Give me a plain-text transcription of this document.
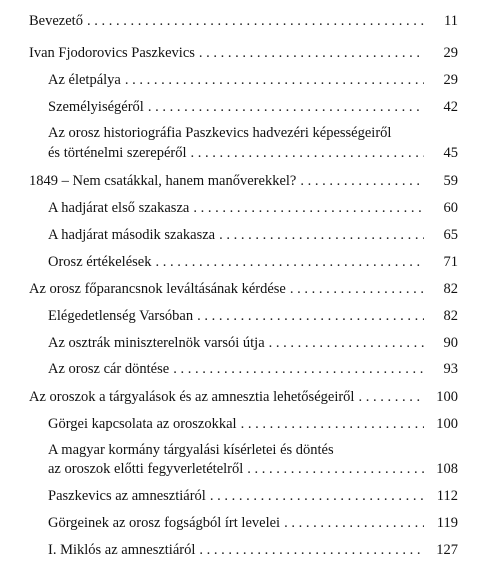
Bevezető . . .	11
Ivan Fjodorovics Paszkevics . . .	29
Az életpálya . . .	29
Személyiségéről . . .	42
Az orosz historiográfia Paszkevics hadvezéri képességeiről
és történelmi szerepéről . . .	45
1849 – Nem csatákkal, hanem manőverekkel? . . .	59
A hadjárat első szakasza . . .	60
A hadjárat második szakasza . . .	65
Orosz értékelések . . .	71
Az orosz főparancsnok leváltásának kérdése . . .	82
Elégedetlenség Varsóban . . .	82
Az osztrák miniszterelnök varsói útja . . .	90
Az orosz cár döntése . . .	93
Az oroszok a tárgyalások és az amnesztia lehetőségeiről . . .	100
Görgei kapcsolata az oroszokkal . . .	100
A magyar kormány tárgyalási kísérletei és döntés
az oroszok előtti fegyverletételről . . .	108
Paszkevics az amnesztiáról . . .	112
Görgeinek az orosz fogságból írt levelei . . .	119
I. Miklós az amnesztiáról . . .	127
